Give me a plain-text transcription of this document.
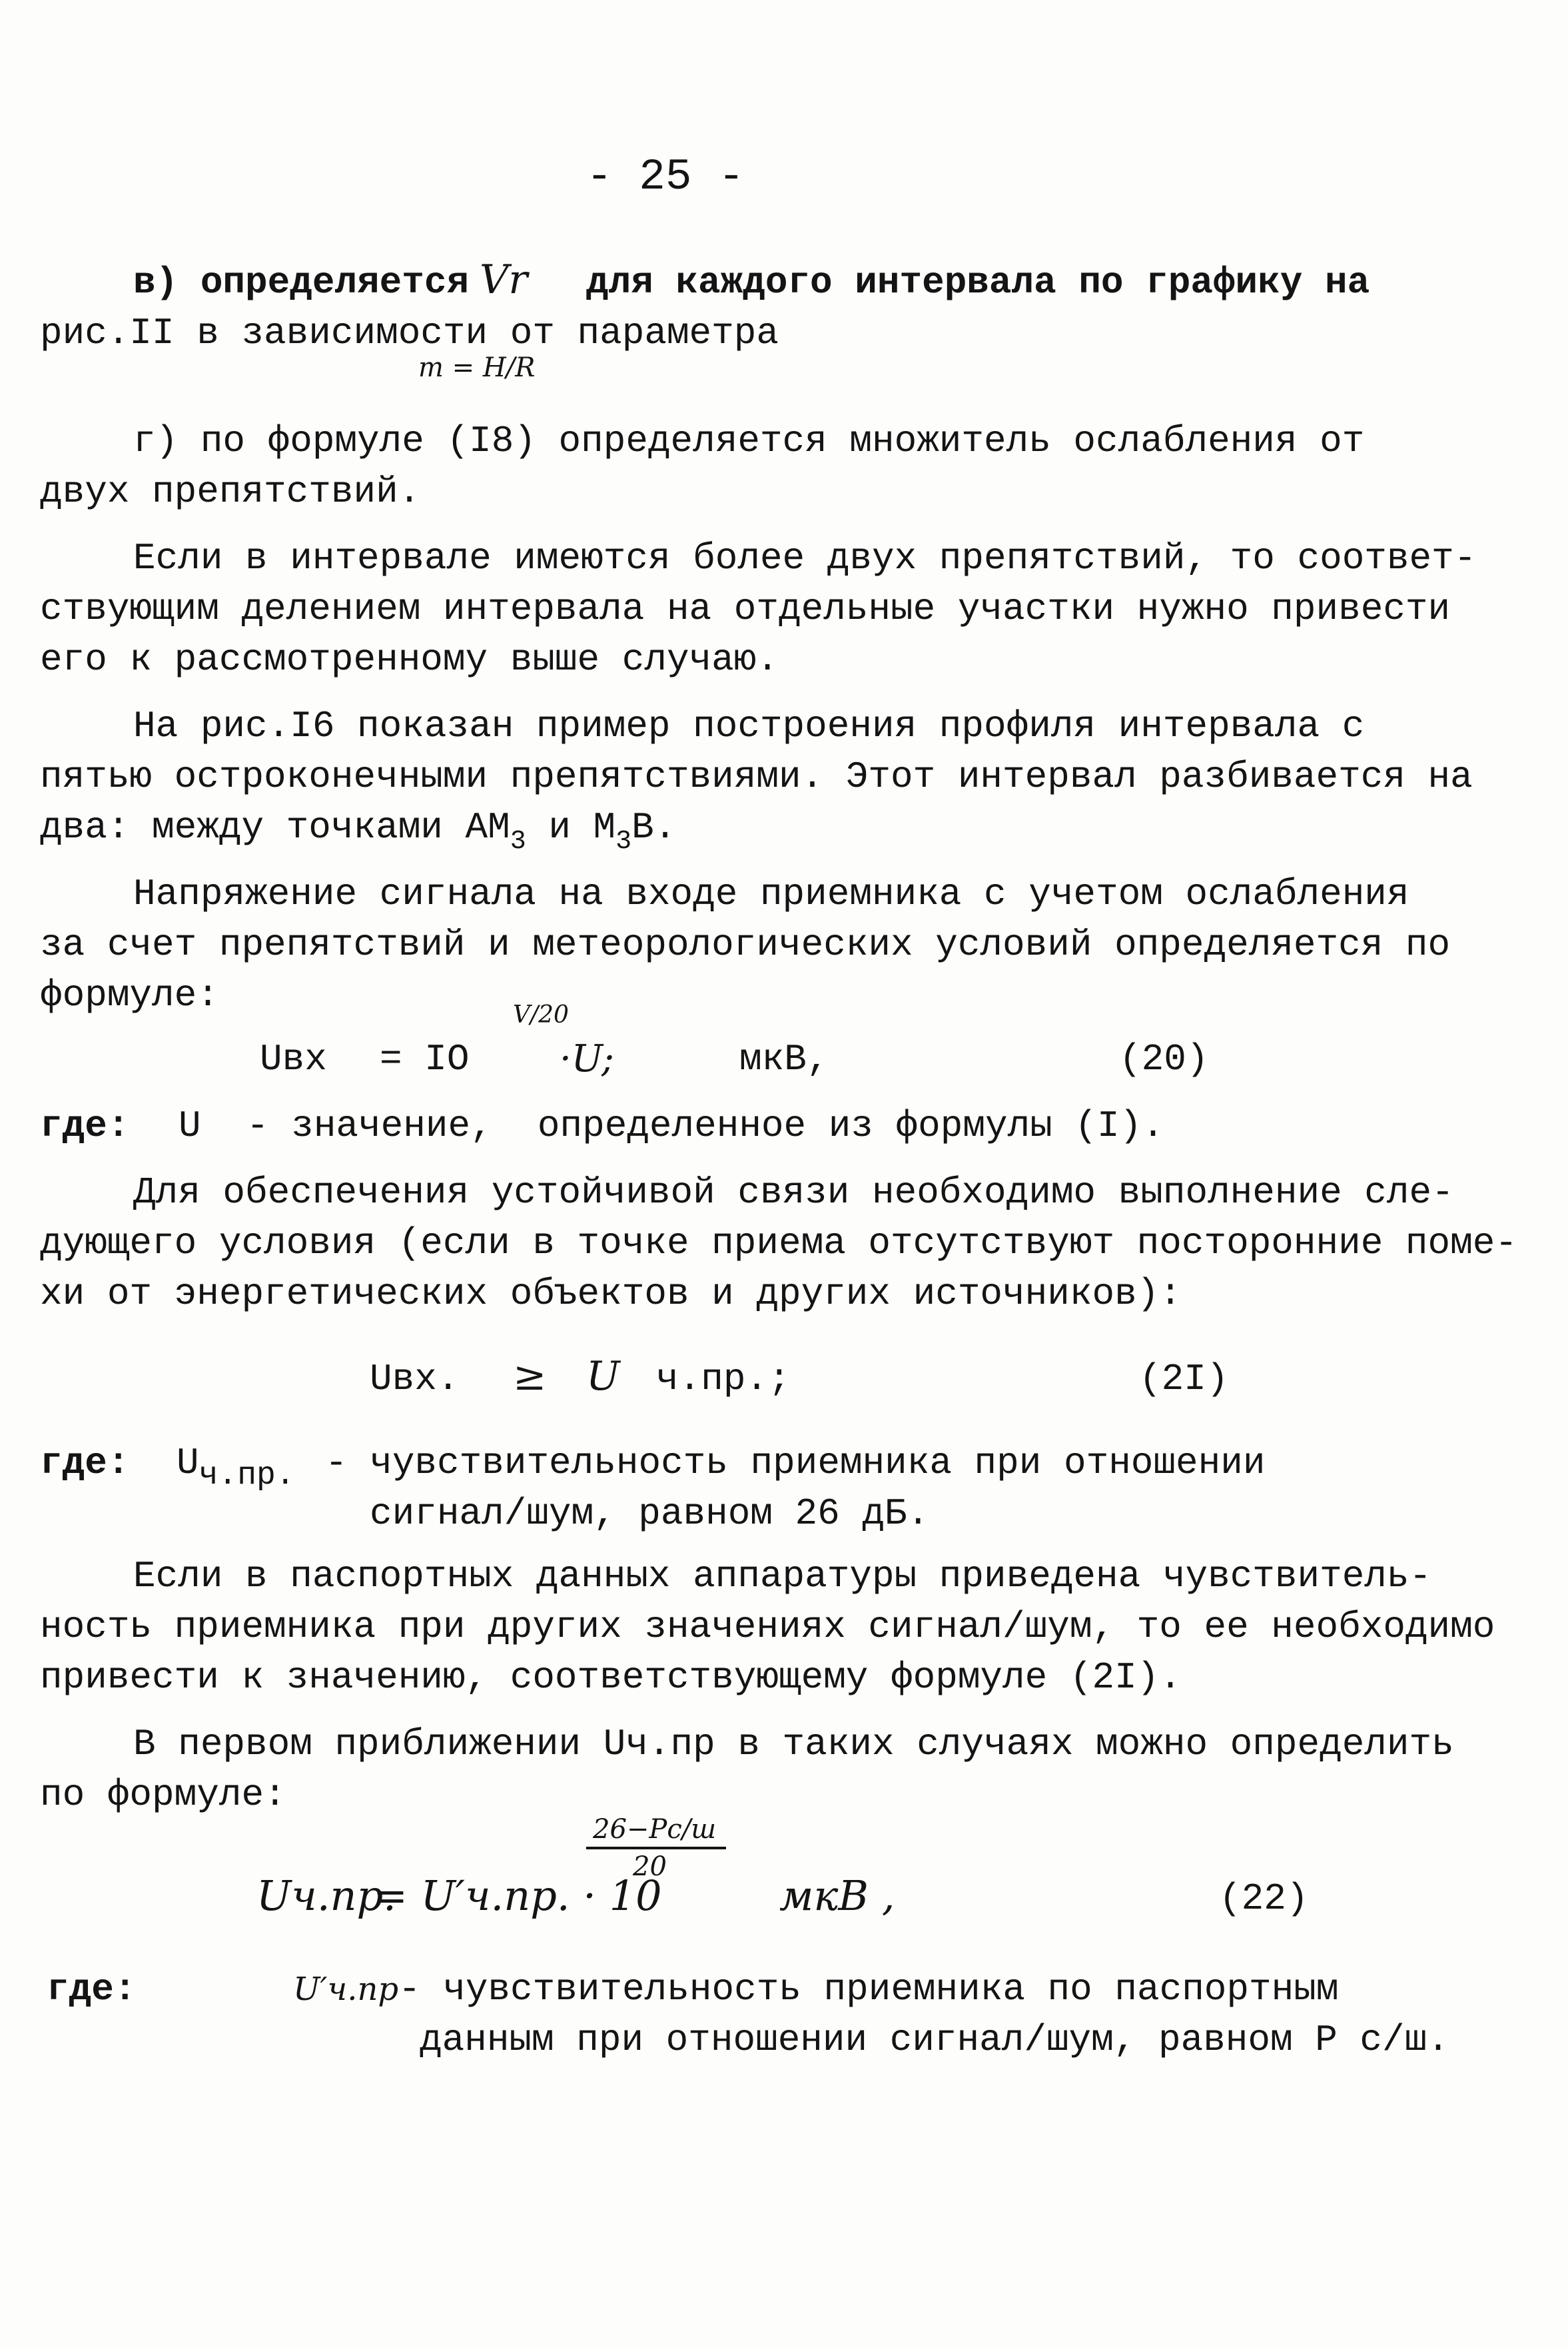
- 25 -
в) определяется Vr для каждого интервала по графику на
рис.II в зависимости от параметра
m = H/R
г) по формуле (I8) определяется множитель ослабления от
двух препятствий.
Если в интервале имеются более двух препятствий, то соответ-
ствующим делением интервала на отдельные участки нужно привести
его к рассмотренному выше случаю.
На рис.I6 показан пример построения профиля интервала с
пятью остроконечными препятствиями. Этот интервал разбивается на
два: между точками $AM_3$ и $M_3B$.
Напряжение сигнала на входе приемника с учетом ослабления
за счет препятствий и метеорологических условий определяется по
формуле:
Uвх = IO
V/20
·U;	мкВ,	(20)
где: U - значение,  определенное из формулы (I).
Для обеспечения устойчивой связи необходимо выполнение сле-
дующего условия (если в точке приема отсутствуют посторонние поме-
хи от энергетических объектов и других источников):
Uвх. ≥ U ч.пр.;	(2I)
где: Uч.пр. - чувствительность приемника при отношении
сигнал/шум, равном 26 дБ.
Если в паспортных данных аппаратуры приведена чувствитель-
ность приемника при других значениях сигнал/шум, то ее необходимо
привести к значению, соответствующему формуле (2I).
В первом приближении Uч.пр в таких случаях можно определить
по формуле:
Uч.пр.
= U′ч.пр. · 10
26−Pс/ш
20
мкВ ,	(22)
где:	U′ч.пр - чувствительность приемника по паспортным
данным при отношении сигнал/шум, равном P с/ш.
